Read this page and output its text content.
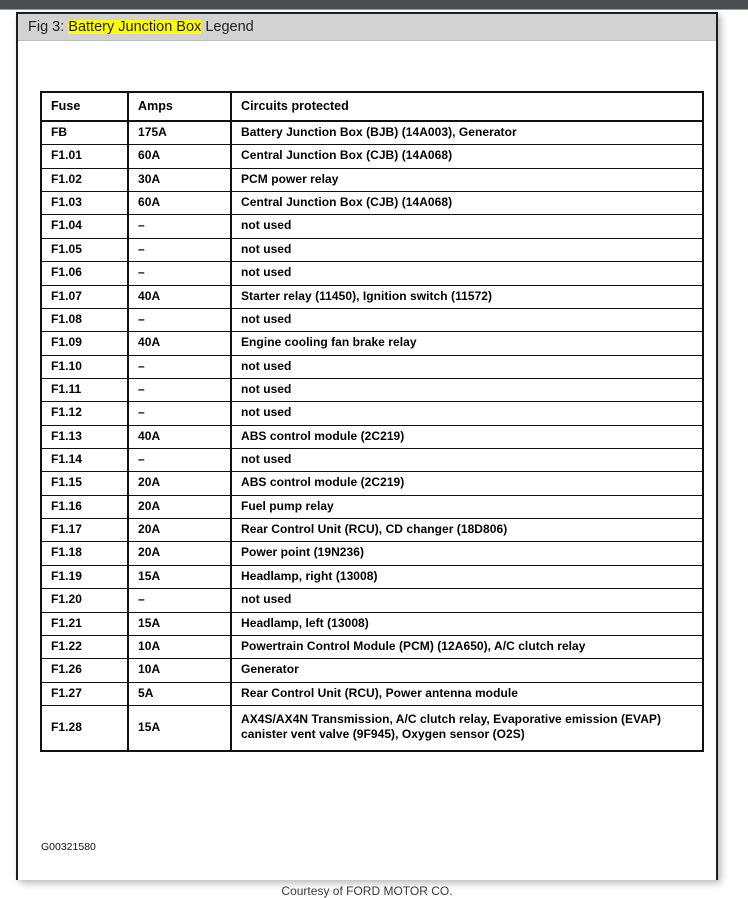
Fig 3: Battery Junction Box Legend
Fuse	Amps	Circuits protected
FB	175A	Battery Junction Box (BJB) (14A003), Generator
F1.01	60A	Central Junction Box (CJB) (14A068)
F1.02	30A	PCM power relay
F1.03	60A	Central Junction Box (CJB) (14A068)
F1.04	–	not used
F1.05	–	not used
F1.06	–	not used
F1.07	40A	Starter relay (11450), Ignition switch (11572)
F1.08	–	not used
F1.09	40A	Engine cooling fan brake relay
F1.10	–	not used
F1.11	–	not used
F1.12	–	not used
F1.13	40A	ABS control module (2C219)
F1.14	–	not used
F1.15	20A	ABS control module (2C219)
F1.16	20A	Fuel pump relay
F1.17	20A	Rear Control Unit (RCU), CD changer (18D806)
F1.18	20A	Power point (19N236)
F1.19	15A	Headlamp, right (13008)
F1.20	–	not used
F1.21	15A	Headlamp, left (13008)
F1.22	10A	Powertrain Control Module (PCM) (12A650), A/C clutch relay
F1.26	10A	Generator
F1.27	5A	Rear Control Unit (RCU), Power antenna module
F1.28	15A	AX4S/AX4N Transmission, A/C clutch relay, Evaporative emission (EVAP) canister vent valve (9F945), Oxygen sensor (O2S)
G00321580
Courtesy of FORD MOTOR CO.
